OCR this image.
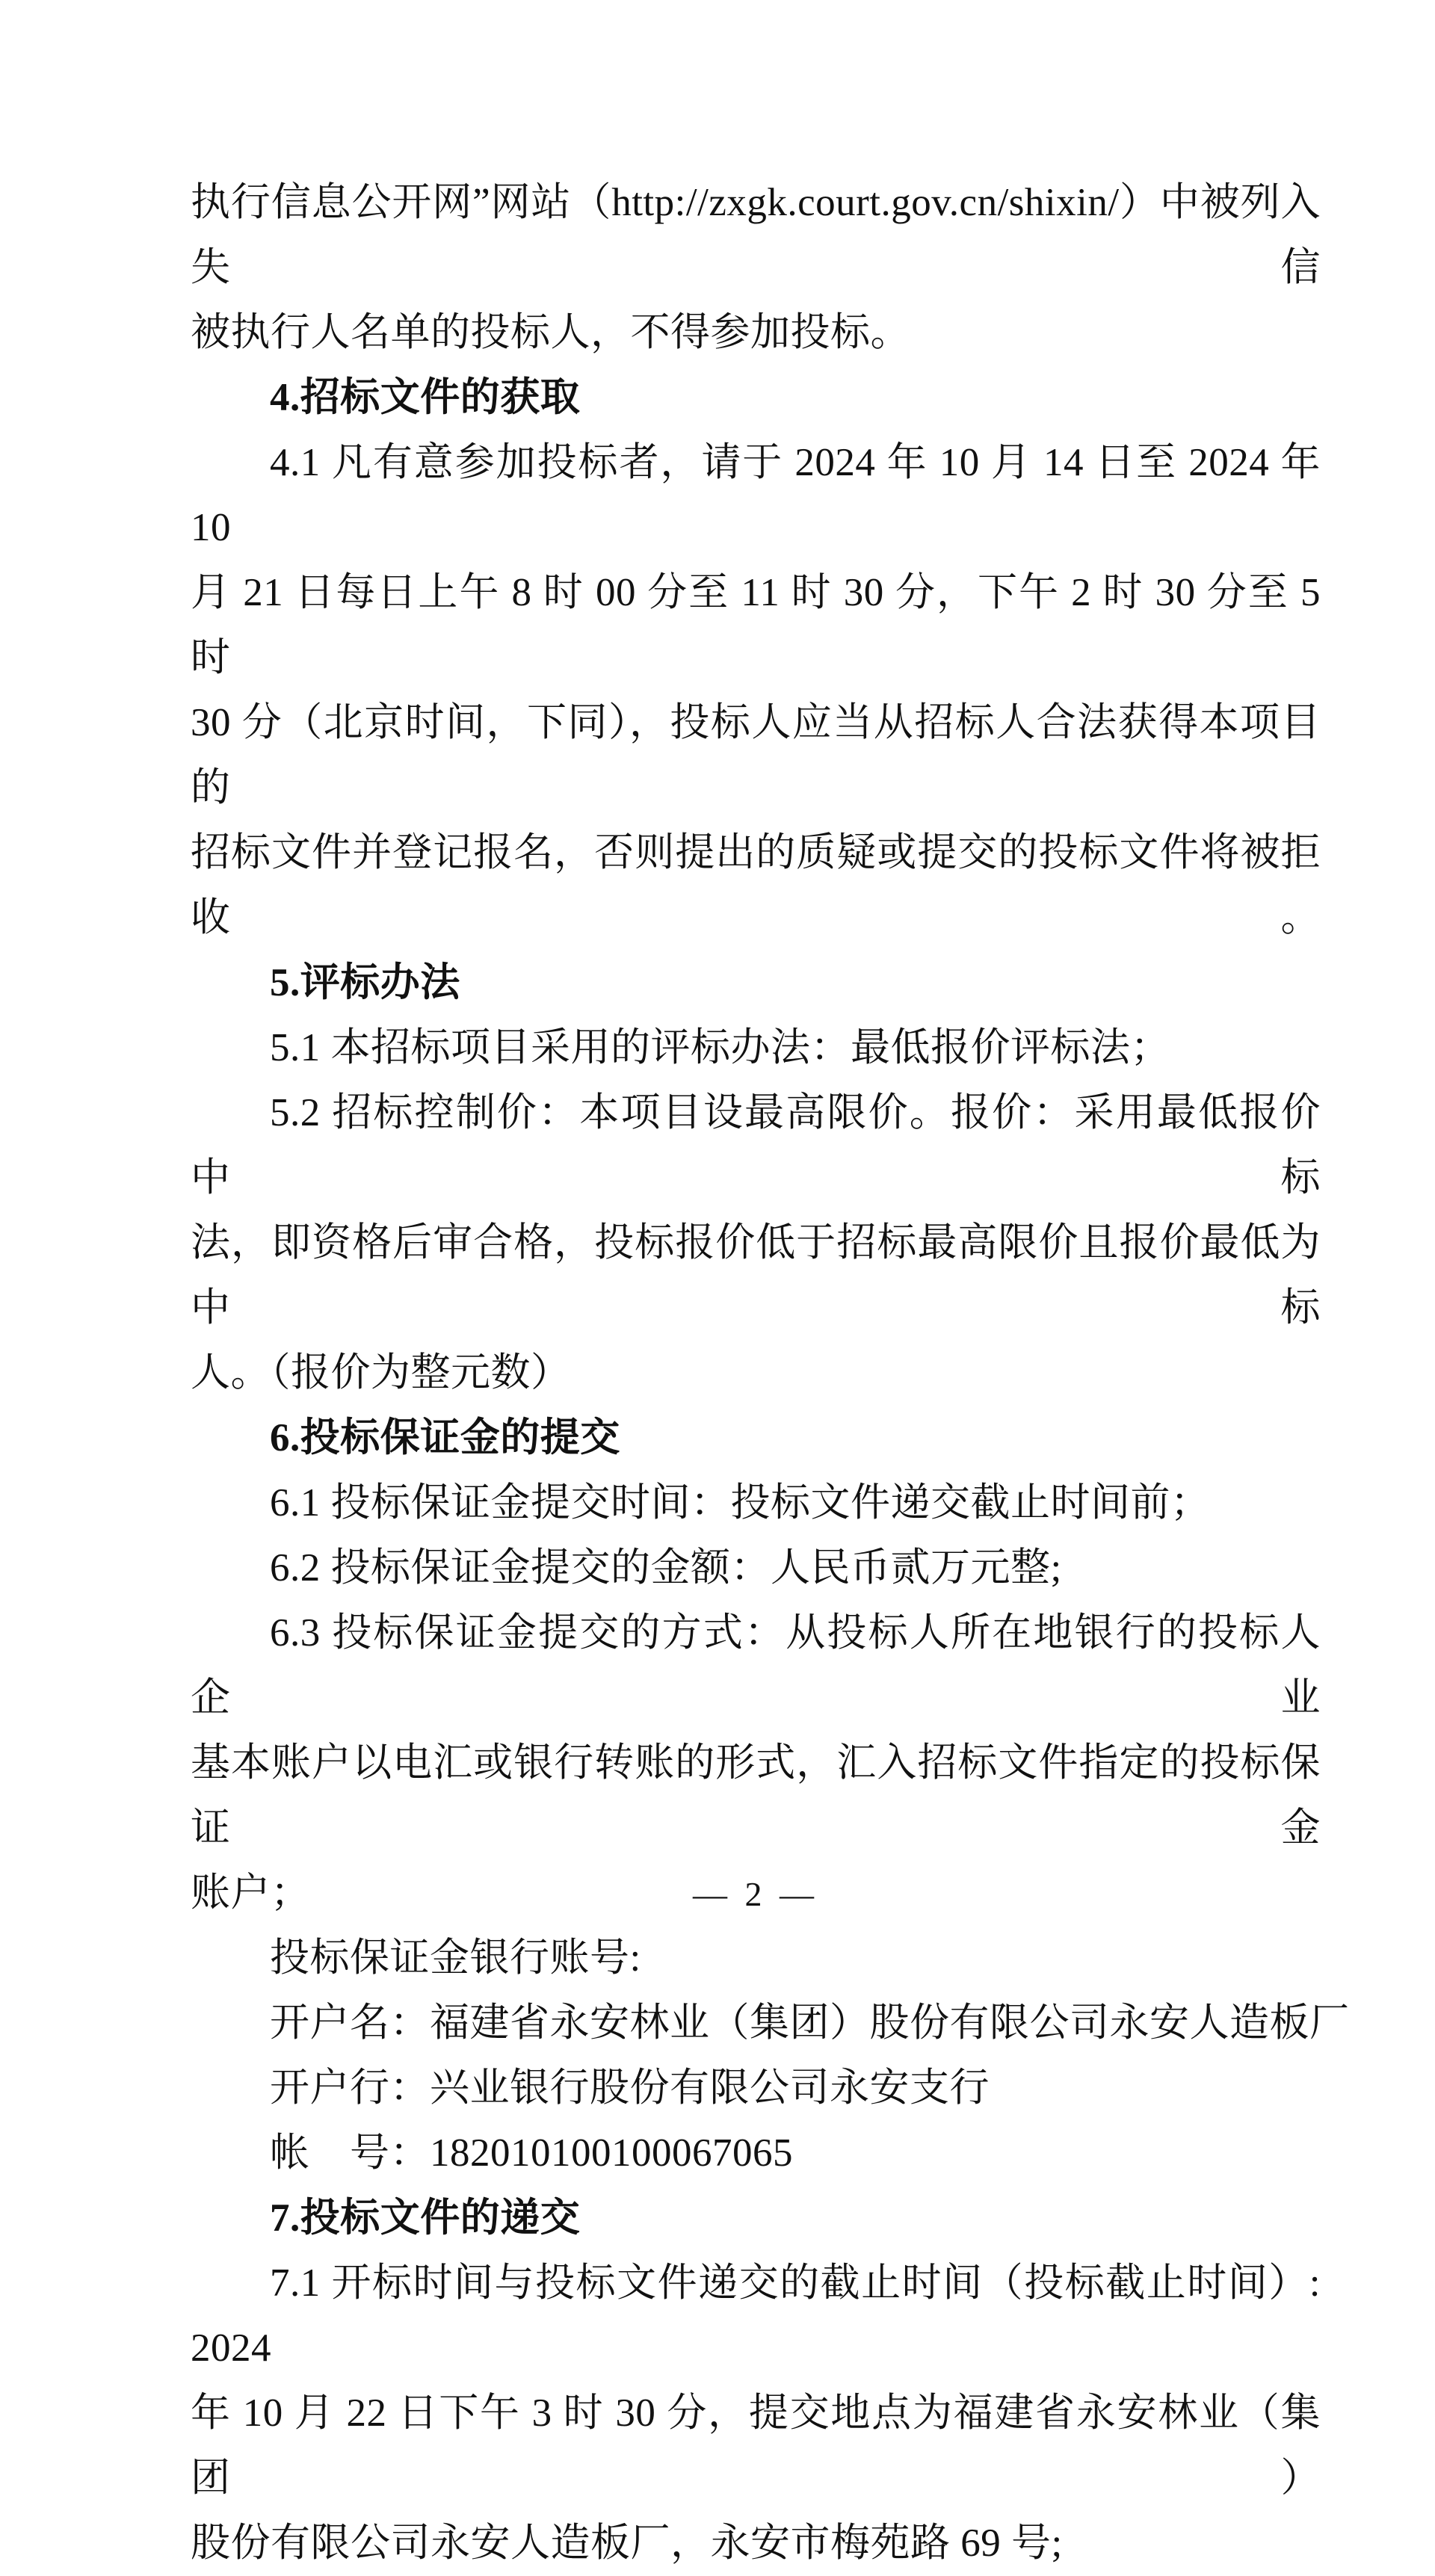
执行信息公开网”网站（http://zxgk.court.gov.cn/shixin/）中被列入失信
被执行人名单的投标人，不得参加投标。
4.招标文件的获取
4.1 凡有意参加投标者，请于 2024 年 10 月 14 日至 2024 年 10
月 21 日每日上午 8 时 00 分至 11 时 30 分，下午 2 时 30 分至 5 时
30 分（北京时间，下同），投标人应当从招标人合法获得本项目的
招标文件并登记报名，否则提出的质疑或提交的投标文件将被拒收。
5.评标办法
5.1 本招标项目采用的评标办法：最低报价评标法；
5.2 招标控制价：本项目设最高限价。报价：采用最低报价中标
法，即资格后审合格，投标报价低于招标最高限价且报价最低为中标
人。（报价为整元数）
6.投标保证金的提交
6.1 投标保证金提交时间：投标文件递交截止时间前；
6.2 投标保证金提交的金额：人民币贰万元整;
6.3 投标保证金提交的方式：从投标人所在地银行的投标人企业
基本账户以电汇或银行转账的形式，汇入招标文件指定的投标保证金
账户；
投标保证金银行账号:
开户名：福建省永安林业（集团）股份有限公司永安人造板厂
开户行：兴业银行股份有限公司永安支行
帐　号：182010100100067065
7.投标文件的递交
7.1 开标时间与投标文件递交的截止时间（投标截止时间）: 2024
年 10 月 22 日下午 3 时 30 分，提交地点为福建省永安林业（集团）
股份有限公司永安人造板厂，永安市梅苑路 69 号;
— 2 —
